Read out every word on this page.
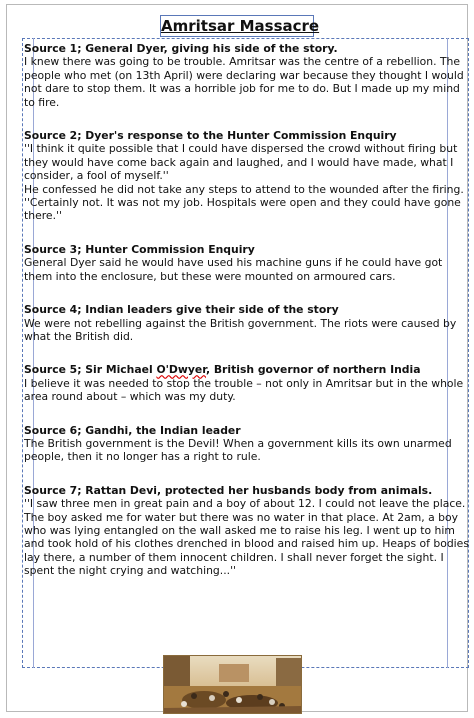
Amritsar Massacre
Source 1; General Dyer, giving his side of the story.

I knew there was going to be trouble. Amritsar was the centre of a rebellion. The people who met (on 13th April) were declaring war because they thought I would not dare to stop them. It was a horrible job for me to do. But I made up my mind to fire.

Source 2; Dyer's response to the Hunter Commission Enquiry

''I think it quite possible that I could have dispersed the crowd without firing but they would have come back again and laughed, and I would have made, what I consider, a fool of myself.''

He confessed he did not take any steps to attend to the wounded after the firing. ''Certainly not. It was not my job. Hospitals were open and they could have gone there.''

Source 3; Hunter Commission Enquiry

General Dyer said he would have used his machine guns if he could have got them into the enclosure, but these were mounted on armoured cars.

Source 4; Indian leaders give their side of the story

We were not rebelling against the British government. The riots were caused by what the British did.

Source 5; Sir Michael O'Dwyer, British governor of northern India

I believe it was needed to stop the trouble – not only in Amritsar but in the whole area round about – which was my duty.

Source 6; Gandhi, the Indian leader

The British government is the Devil! When a government kills its own unarmed people, then it no longer has a right to rule.

Source 7; Rattan Devi, protected her husbands body from animals.

''I saw three men in great pain and a boy of about 12. I could not leave the place. The boy asked me for water but there was no water in that place. At 2am, a boy who was lying entangled on the wall asked me to raise his leg. I went up to him and took hold of his clothes drenched in blood and raised him up. Heaps of bodies lay there, a number of them innocent children. I shall never forget the sight. I spent the night crying and watching...''
